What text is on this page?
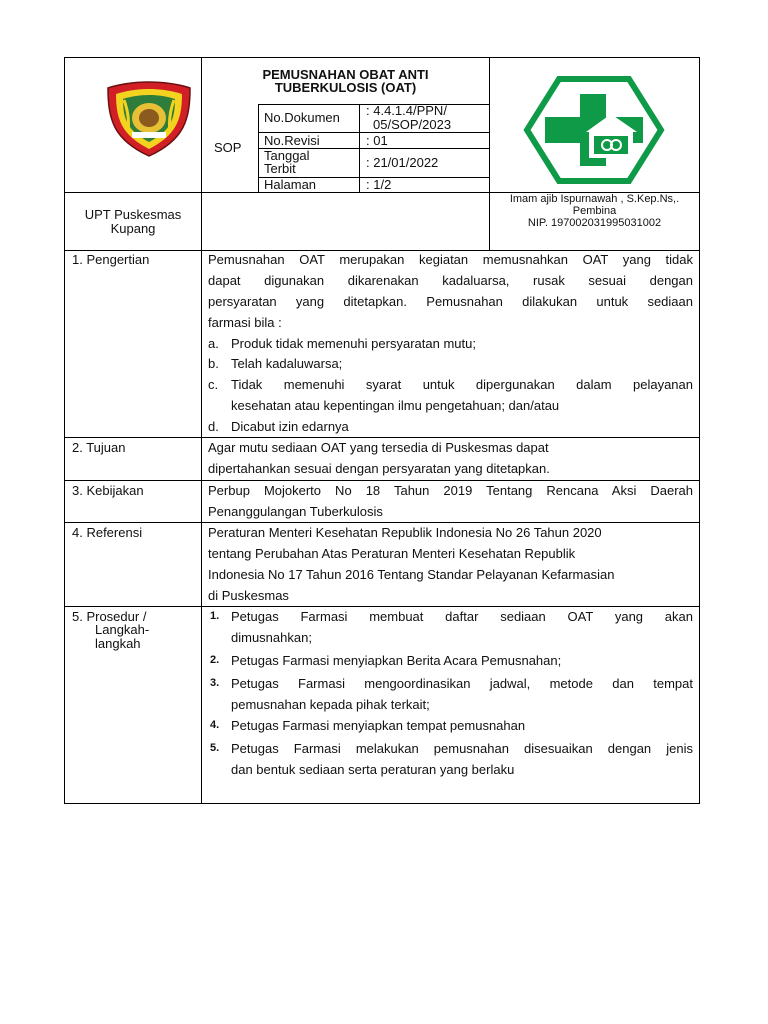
PEMUSNAHAN OBAT ANTI
TUBERKULOSIS (OAT)
SOP
No.Dokumen : 4.4.1.4/PPN/
05/SOP/2023
No.Revisi	: 01
Tanggal
Terbit	: 21/01/2022
Halaman	: 1/2
UPT Puskesmas
Kupang
Imam ajib Ispurnawah , S.Kep.Ns,.
Pembina
NIP. 197002031995031002
1. Pengertian	Pemusnahan OAT merupakan kegiatan memusnahkan OAT yang tidak
dapat digunakan dikarenakan kadaluarsa, rusak sesuai dengan
persyaratan yang ditetapkan. Pemusnahan dilakukan untuk sediaan
farmasi bila :
a. Produk tidak memenuhi persyaratan mutu;
b. Telah kadaluwarsa;
c. Tidak memenuhi syarat untuk dipergunakan dalam pelayanan
kesehatan atau kepentingan ilmu pengetahuan; dan/atau
d. Dicabut izin edarnya
2. Tujuan	Agar mutu sediaan OAT yang tersedia di Puskesmas dapat
dipertahankan sesuai dengan persyaratan yang ditetapkan.
3. Kebijakan	Perbup Mojokerto No 18 Tahun 2019 Tentang Rencana Aksi Daerah
Penanggulangan Tuberkulosis
4. Referensi	Peraturan Menteri Kesehatan Republik Indonesia No 26 Tahun 2020
tentang Perubahan Atas Peraturan Menteri Kesehatan Republik
Indonesia No 17 Tahun 2016 Tentang Standar Pelayanan Kefarmasian
di Puskesmas
5. Prosedur /
Langkah-
langkah
1. Petugas Farmasi membuat daftar sediaan OAT yang akan
dimusnahkan;
2. Petugas Farmasi menyiapkan Berita Acara Pemusnahan;
3. Petugas Farmasi mengoordinasikan jadwal, metode dan tempat
pemusnahan kepada pihak terkait;
4. Petugas Farmasi menyiapkan tempat pemusnahan
5. Petugas Farmasi melakukan pemusnahan disesuaikan dengan jenis
dan bentuk sediaan serta peraturan yang berlaku
